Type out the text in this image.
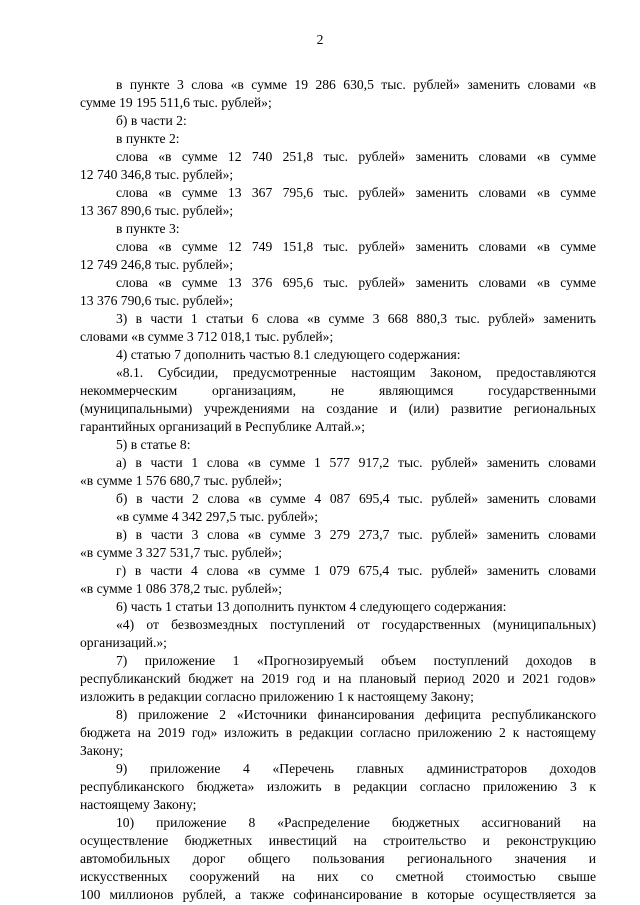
2
в пункте 3 слова «в сумме 19 286 630,5 тыс. рублей» заменить словами «в
сумме 19 195 511,6 тыс. рублей»;
б) в части 2:
в пункте 2:
слова «в сумме 12 740 251,8 тыс. рублей» заменить словами «в сумме
12 740 346,8 тыс. рублей»;
слова «в сумме 13 367 795,6 тыс. рублей» заменить словами «в сумме
13 367 890,6 тыс. рублей»;
в пункте 3:
слова «в сумме 12 749 151,8 тыс. рублей» заменить словами «в сумме
12 749 246,8 тыс. рублей»;
слова «в сумме 13 376 695,6 тыс. рублей» заменить словами «в сумме
13 376 790,6 тыс. рублей»;
3) в части 1 статьи 6 слова «в сумме 3 668 880,3 тыс. рублей» заменить
словами «в сумме 3 712 018,1 тыс. рублей»;
4) статью 7 дополнить частью 8.1 следующего содержания:
«8.1. Субсидии, предусмотренные настоящим Законом, предоставляются
некоммерческим организациям, не являющимся государственными
(муниципальными) учреждениями на создание и (или) развитие региональных
гарантийных организаций в Республике Алтай.»;
5) в статье 8:
а) в части 1 слова «в сумме 1 577 917,2 тыс. рублей» заменить словами
«в сумме 1 576 680,7 тыс. рублей»;
б) в части 2 слова «в сумме 4 087 695,4 тыс. рублей» заменить словами
«в сумме 4 342 297,5 тыс. рублей»;
в) в части 3 слова «в сумме 3 279 273,7 тыс. рублей» заменить словами
«в сумме 3 327 531,7 тыс. рублей»;
г) в части 4 слова «в сумме 1 079 675,4 тыс. рублей» заменить словами
«в сумме 1 086 378,2 тыс. рублей»;
6) часть 1 статьи 13 дополнить пунктом 4 следующего содержания:
«4) от безвозмездных поступлений от государственных (муниципальных)
организаций.»;
7) приложение 1 «Прогнозируемый объем поступлений доходов в
республиканский бюджет на 2019 год и на плановый период 2020 и 2021 годов»
изложить в редакции согласно приложению 1 к настоящему Закону;
8) приложение 2 «Источники финансирования дефицита республиканского
бюджета на 2019 год» изложить в редакции согласно приложению 2 к настоящему
Закону;
9) приложение 4 «Перечень главных администраторов доходов
республиканского бюджета» изложить в редакции согласно приложению 3 к
настоящему Закону;
10) приложение 8 «Распределение бюджетных ассигнований на
осуществление бюджетных инвестиций на строительство и реконструкцию
автомобильных дорог общего пользования регионального значения и
искусственных сооружений на них со сметной стоимостью свыше
100 миллионов рублей, а также софинансирование в которые осуществляется за
